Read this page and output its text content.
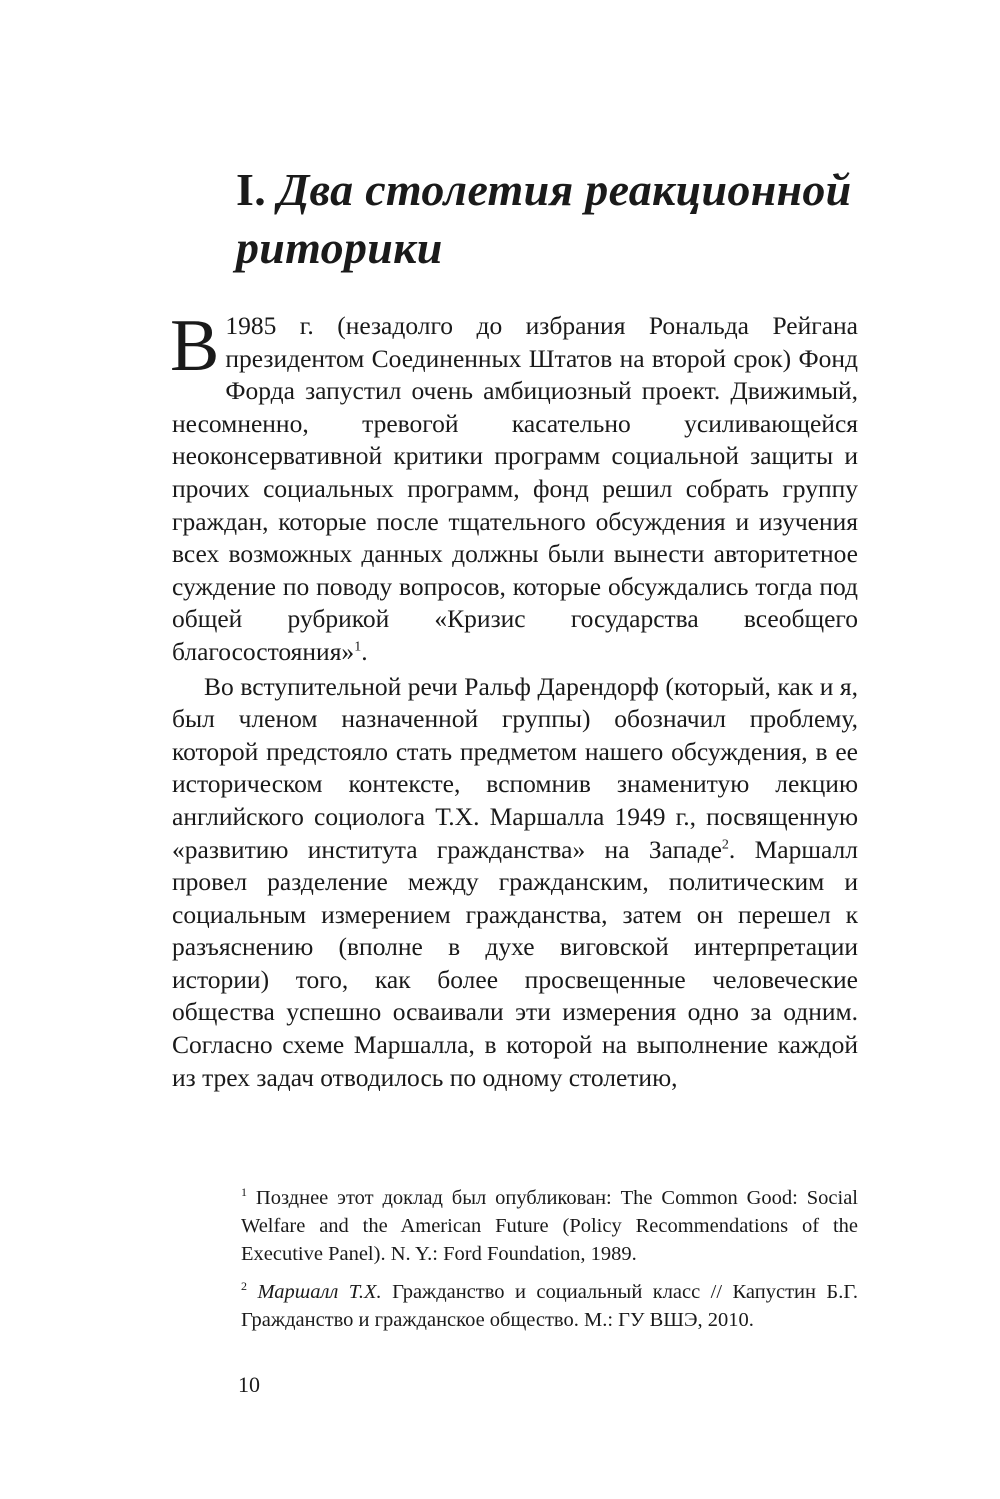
I. Два столетия реакционной риторики

В 1985 г. (незадолго до избрания Рональда Рейгана президентом Соединенных Штатов на второй срок) Фонд Форда запустил очень амбициозный проект. Движимый, несомненно, тревогой касательно усиливающейся неоконсервативной критики программ социальной защиты и прочих социальных программ, фонд решил собрать группу граждан, которые после тщательного обсуждения и изучения всех возможных данных должны были вынести авторитетное суждение по поводу вопросов, которые обсуждались тогда под общей рубрикой «Кризис государства всеобщего благосостояния»$^1$.

Во вступительной речи Ральф Дарендорф (который, как и я, был членом назначенной группы) обозначил проблему, которой предстояло стать предметом нашего обсуждения, в ее историческом контексте, вспомнив знаменитую лекцию английского социолога Т.Х. Маршалла 1949 г., посвященную «развитию института гражданства» на Западе$^2$. Маршалл провел разделение между гражданским, политическим и социальным измерением гражданства, затем он перешел к разъяснению (вполне в духе виговской интерпретации истории) того, как более просвещенные человеческие общества успешно осваивали эти измерения одно за одним. Согласно схеме Маршалла, в которой на выполнение каждой из трех задач отводилось по одному столетию,

$^1$ Позднее этот доклад был опубликован: The Common Good: Social Welfare and the American Future (Policy Recommendations of the Executive Panel). N. Y.: Ford Foundation, 1989.

$^2$ Маршалл Т.Х. Гражданство и социальный класс // Капустин Б.Г. Гражданство и гражданское общество. М.: ГУ ВШЭ, 2010.

10
